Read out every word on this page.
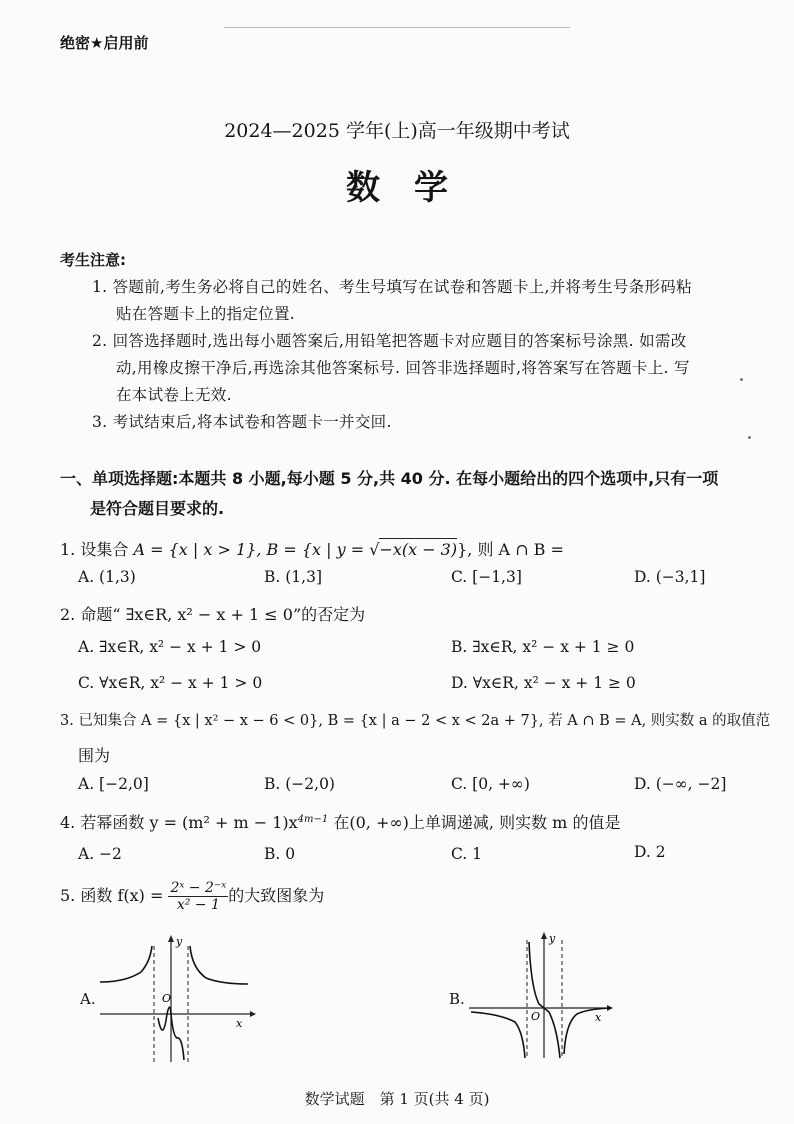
绝密★启用前
2024—2025 学年(上)高一年级期中考试
数学
考生注意:
1. 答题前,考生务必将自己的姓名、考生号填写在试卷和答题卡上,并将考生号条形码粘
贴在答题卡上的指定位置.
2. 回答选择题时,选出每小题答案后,用铅笔把答题卡对应题目的答案标号涂黑. 如需改
动,用橡皮擦干净后,再选涂其他答案标号. 回答非选择题时,将答案写在答题卡上. 写
在本试卷上无效.
3. 考试结束后,将本试卷和答题卡一并交回.
一、单项选择题:本题共 8 小题,每小题 5 分,共 40 分. 在每小题给出的四个选项中,只有一项
是符合题目要求的.
1. 设集合 A = {x | x > 1}, B = {x | y = √−x(x − 3)}, 则 A ∩ B =
A. (1,3)	B. (1,3]	C. [−1,3]	D. (−3,1]
2. 命题“ ∃x∈R, x² − x + 1 ≤ 0”的否定为
A. ∃x∈R, x² − x + 1 > 0	B. ∃x∈R, x² − x + 1 ≥ 0
C. ∀x∈R, x² − x + 1 > 0	D. ∀x∈R, x² − x + 1 ≥ 0
3. 已知集合 A = {x | x² − x − 6 < 0}, B = {x | a − 2 < x < 2a + 7}, 若 A ∩ B = A, 则实数 a 的取值范
围为
A. [−2,0]	B. (−2,0)	C. [0, +∞)	D. (−∞, −2]
4. 若幂函数 $y = (m^2 + m - 1)x^{4m-1}$ 在(0, +∞)上单调递减, 则实数 m 的值是
A. −2	B. 0	C. 1	D. 2
5. 函数 $f(x) = \frac{\text{2ˣ − 2⁻ˣ}}{\text{x² − 1}}$ 的大致图象为
A.	O
x
y
B.
O	x
y
数学试题　第 1 页(共 4 页)
